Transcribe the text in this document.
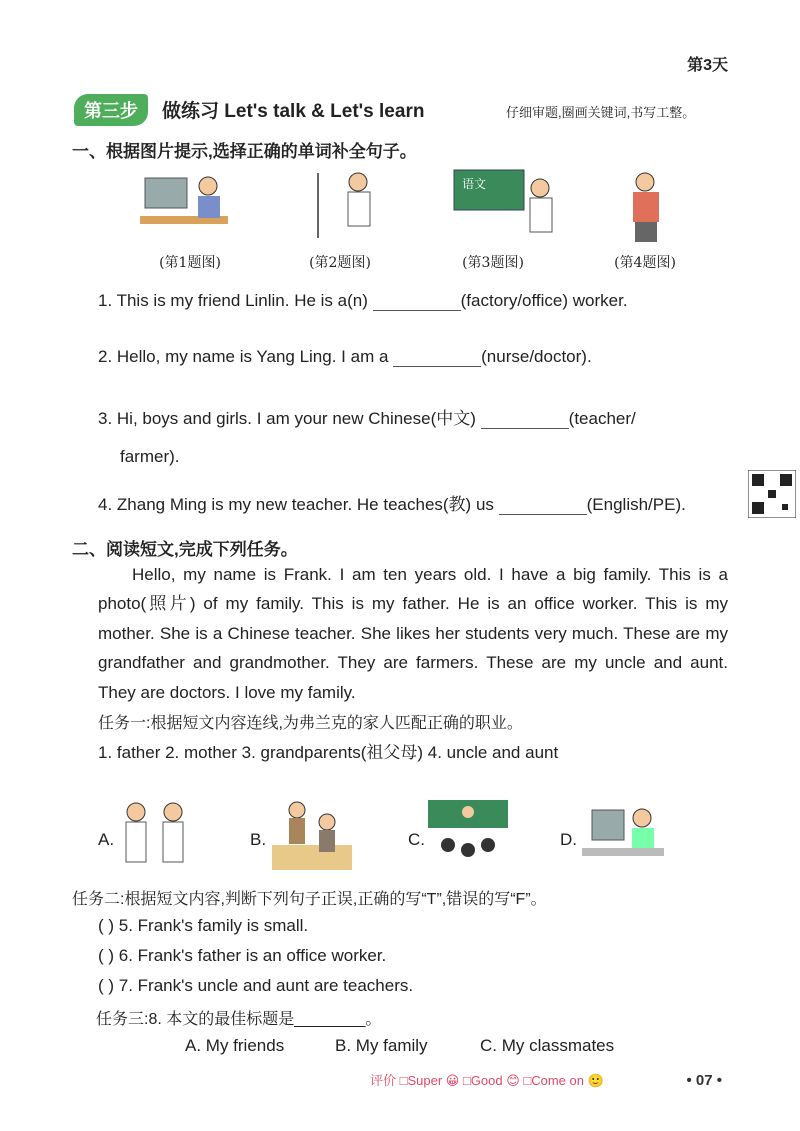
第3天
第三步	做练习 Let's talk & Let's learn	仔细审题,圈画关键词,书写工整。
一、根据图片提示,选择正确的单词补全句子。
语文
(第1题图)	(第2题图)	(第3题图)	(第4题图)
1. This is my friend Linlin. He is a(n)	(factory/office) worker.
2. Hello, my name is Yang Ling. I am a	(nurse/doctor).
3. Hi, boys and girls. I am your new Chinese(中文)	(teacher/
farmer).
4. Zhang Ming is my new teacher. He teaches(教) us	(English/PE).
二、阅读短文,完成下列任务。

Hello, my name is Frank. I am ten years old. I have a big family. This is a photo(照片) of my family. This is my father. He is an office worker. This is my mother. She is a Chinese teacher. She likes her students very much. These are my grandfather and grandmother. They are farmers. These are my uncle and aunt. They are doctors. I love my family.

任务一:根据短文内容连线,为弗兰克的家人匹配正确的职业。
1. father 2. mother 3. grandparents(祖父母) 4. uncle and aunt
A.	B.	C.	D.
任务二:根据短文内容,判断下列句子正误,正确的写“T”,错误的写“F”。
( ) 5. Frank's family is small.
( ) 6. Frank's father is an office worker.
( ) 7. Frank's uncle and aunt are teachers.
任务三:8. 本文的最佳标题是________。
A. My friends	B. My family	C. My classmates
评价 □Super 😀 □Good 😊 □Come on 🙂	• 07 •
